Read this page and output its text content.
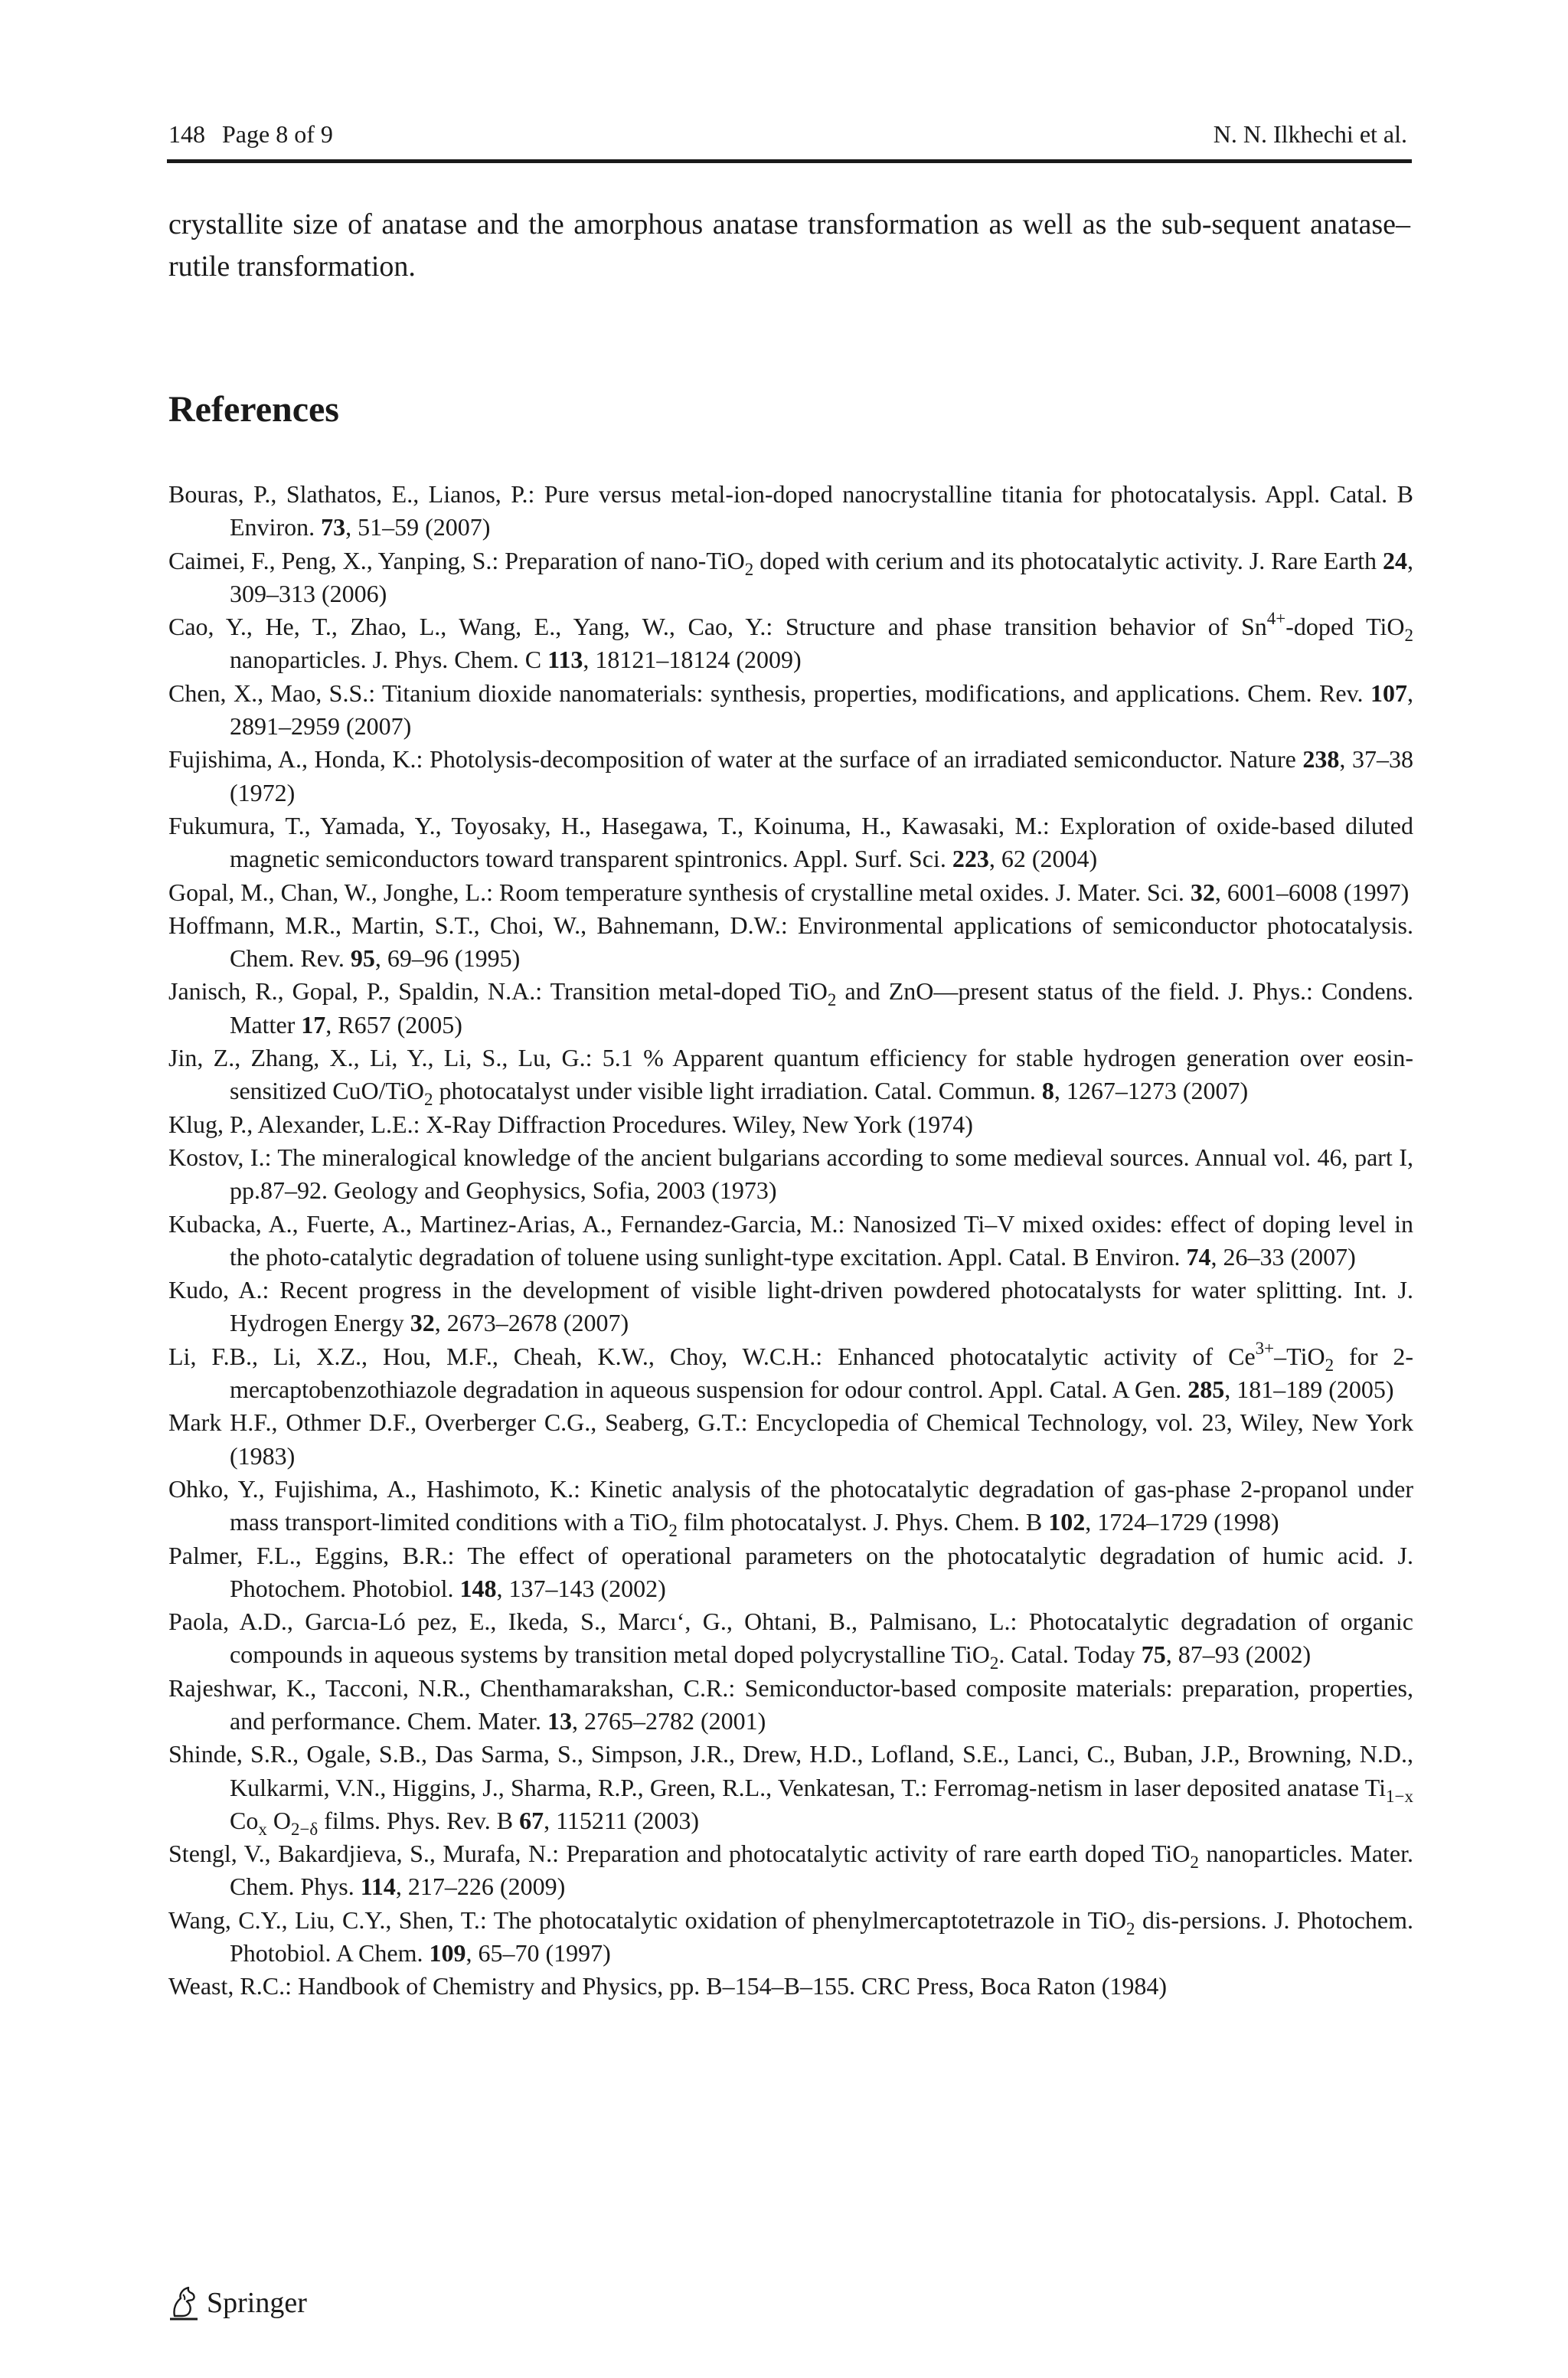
148 Page 8 of 9	N. N. Ilkhechi et al.
crystallite size of anatase and the amorphous anatase transformation as well as the sub-sequent anatase–rutile transformation.
References
Bouras, P., Slathatos, E., Lianos, P.: Pure versus metal-ion-doped nanocrystalline titania for photocatalysis. Appl. Catal. B Environ. 73, 51–59 (2007)
Caimei, F., Peng, X., Yanping, S.: Preparation of nano-TiO$_2$ doped with cerium and its photocatalytic activity. J. Rare Earth 24, 309–313 (2006)
Cao, Y., He, T., Zhao, L., Wang, E., Yang, W., Cao, Y.: Structure and phase transition behavior of $Sn^{4+}$-doped TiO$_2$ nanoparticles. J. Phys. Chem. C 113, 18121–18124 (2009)
Chen, X., Mao, S.S.: Titanium dioxide nanomaterials: synthesis, properties, modifications, and applications. Chem. Rev. 107, 2891–2959 (2007)
Fujishima, A., Honda, K.: Photolysis-decomposition of water at the surface of an irradiated semiconductor. Nature 238, 37–38 (1972)
Fukumura, T., Yamada, Y., Toyosaky, H., Hasegawa, T., Koinuma, H., Kawasaki, M.: Exploration of oxide-based diluted magnetic semiconductors toward transparent spintronics. Appl. Surf. Sci. 223, 62 (2004)
Gopal, M., Chan, W., Jonghe, L.: Room temperature synthesis of crystalline metal oxides. J. Mater. Sci. 32, 6001–6008 (1997)
Hoffmann, M.R., Martin, S.T., Choi, W., Bahnemann, D.W.: Environmental applications of semiconductor photocatalysis. Chem. Rev. 95, 69–96 (1995)
Janisch, R., Gopal, P., Spaldin, N.A.: Transition metal-doped TiO$_2$ and ZnO—present status of the field. J. Phys.: Condens. Matter 17, R657 (2005)
Jin, Z., Zhang, X., Li, Y., Li, S., Lu, G.: 5.1 % Apparent quantum efficiency for stable hydrogen generation over eosin-sensitized CuO/TiO$_2$ photocatalyst under visible light irradiation. Catal. Commun. 8, 1267–1273 (2007)
Klug, P., Alexander, L.E.: X-Ray Diffraction Procedures. Wiley, New York (1974)
Kostov, I.: The mineralogical knowledge of the ancient bulgarians according to some medieval sources. Annual vol. 46, part I, pp.87–92. Geology and Geophysics, Sofia, 2003 (1973)
Kubacka, A., Fuerte, A., Martinez-Arias, A., Fernandez-Garcia, M.: Nanosized Ti–V mixed oxides: effect of doping level in the photo-catalytic degradation of toluene using sunlight-type excitation. Appl. Catal. B Environ. 74, 26–33 (2007)
Kudo, A.: Recent progress in the development of visible light-driven powdered photocatalysts for water splitting. Int. J. Hydrogen Energy 32, 2673–2678 (2007)
Li, F.B., Li, X.Z., Hou, M.F., Cheah, K.W., Choy, W.C.H.: Enhanced photocatalytic activity of $Ce^{3+}-TiO_2$ for 2-mercaptobenzothiazole degradation in aqueous suspension for odour control. Appl. Catal. A Gen. 285, 181–189 (2005)
Mark H.F., Othmer D.F., Overberger C.G., Seaberg, G.T.: Encyclopedia of Chemical Technology, vol. 23, Wiley, New York (1983)
Ohko, Y., Fujishima, A., Hashimoto, K.: Kinetic analysis of the photocatalytic degradation of gas-phase 2-propanol under mass transport-limited conditions with a TiO$_2$ film photocatalyst. J. Phys. Chem. B 102, 1724–1729 (1998)
Palmer, F.L., Eggins, B.R.: The effect of operational parameters on the photocatalytic degradation of humic acid. J. Photochem. Photobiol. 148, 137–143 (2002)
Paola, A.D., Garcıa-Ló pez, E., Ikeda, S., Marcı‘, G., Ohtani, B., Palmisano, L.: Photocatalytic degradation of organic compounds in aqueous systems by transition metal doped polycrystalline TiO$_2$. Catal. Today 75, 87–93 (2002)
Rajeshwar, K., Tacconi, N.R., Chenthamarakshan, C.R.: Semiconductor-based composite materials: preparation, properties, and performance. Chem. Mater. 13, 2765–2782 (2001)
Shinde, S.R., Ogale, S.B., Das Sarma, S., Simpson, J.R., Drew, H.D., Lofland, S.E., Lanci, C., Buban, J.P., Browning, N.D., Kulkarmi, V.N., Higgins, J., Sharma, R.P., Green, R.L., Venkatesan, T.: Ferromag-netism in laser deposited anatase $Ti_{1-x}$ $Co_x$ $O_{2-\delta}$ films. Phys. Rev. B 67, 115211 (2003)
Stengl, V., Bakardjieva, S., Murafa, N.: Preparation and photocatalytic activity of rare earth doped TiO$_2$ nanoparticles. Mater. Chem. Phys. 114, 217–226 (2009)
Wang, C.Y., Liu, C.Y., Shen, T.: The photocatalytic oxidation of phenylmercaptotetrazole in TiO$_2$ dis-persions. J. Photochem. Photobiol. A Chem. 109, 65–70 (1997)
Weast, R.C.: Handbook of Chemistry and Physics, pp. B–154–B–155. CRC Press, Boca Raton (1984)
Springer
